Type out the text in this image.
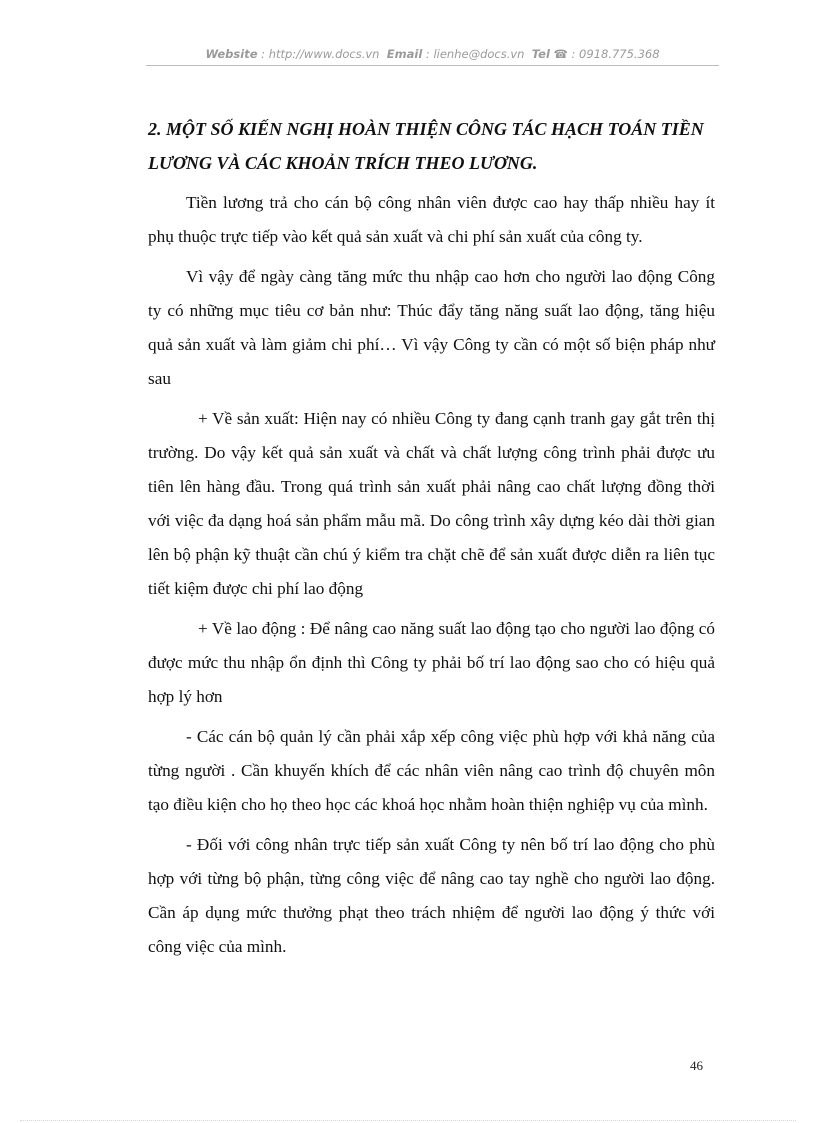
Website : http://www.docs.vn Email : lienhe@docs.vn Tel ☎ : 0918.775.368

2. MỘT SỐ KIẾN NGHỊ HOÀN THIỆN CÔNG TÁC HẠCH TOÁN TIỀN LƯƠNG VÀ CÁC KHOẢN TRÍCH THEO LƯƠNG.

Tiền lương trả cho cán bộ công nhân viên được cao hay thấp nhiều hay ít phụ thuộc trực tiếp vào kết quả sản xuất và chi phí sản xuất của công ty.

Vì vậy để ngày càng tăng mức thu nhập cao hơn cho người lao động Công ty có những mục tiêu cơ bản như: Thúc đẩy tăng năng suất lao động, tăng hiệu quả sản xuất và làm giảm chi phí… Vì vậy Công ty cần có một số biện pháp như sau

+ Về sản xuất: Hiện nay có nhiều Công ty đang cạnh tranh gay gắt trên thị trường. Do vậy kết quả sản xuất và chất và chất lượng công trình phải được ưu tiên lên hàng đầu. Trong quá trình sản xuất phải nâng cao chất lượng đồng thời với việc đa dạng hoá sản phẩm mẫu mã. Do công trình xây dựng kéo dài thời gian lên bộ phận kỹ thuật cần chú ý kiểm tra chặt chẽ để sản xuất được diễn ra liên tục tiết kiệm được chi phí lao động

+ Về lao động : Để nâng cao năng suất lao động tạo cho người lao động có được mức thu nhập ổn định thì Công ty phải bố trí lao động sao cho có hiệu quả hợp lý hơn

- Các cán bộ quản lý cần phải xắp xếp công việc phù hợp với khả năng của từng người . Cần khuyến khích để các nhân viên nâng cao trình độ chuyên môn tạo điều kiện cho họ theo học các khoá học nhằm hoàn thiện nghiệp vụ của mình.

- Đối với công nhân trực tiếp sản xuất Công ty nên bố trí lao động cho phù hợp với từng bộ phận, từng công việc để nâng cao tay nghề cho người lao động. Cần áp dụng mức thưởng phạt theo trách nhiệm để người lao động ý thức với công việc của mình.

46
